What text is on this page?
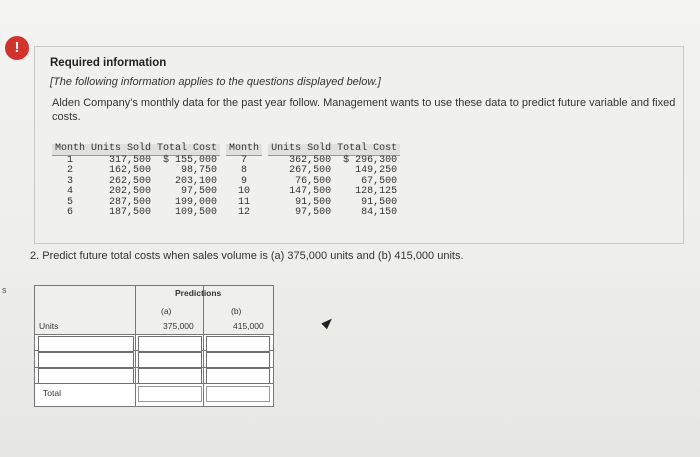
!
s
Required information
[The following information applies to the questions displayed below.]
Alden Company's monthly data for the past year follow. Management wants to use these data to predict future variable and fixed costs.
Month	Units Sold	Total Cost		Month		Units Sold	Total Cost
1	317,500	$ 155,000		7		362,500	$ 296,300
2	162,500	98,750		8		267,500	149,250
3	262,500	203,100		9		76,500	67,500
4	202,500	97,500		10		147,500	128,125
5	287,500	199,000		11		91,500	91,500
6	187,500	109,500		12		97,500	84,150
2. Predict future total costs when sales volume is (a) 375,000 units and (b) 415,000 units.
Predictions
(a)	(b)
Units	375,000	415,000
Total
